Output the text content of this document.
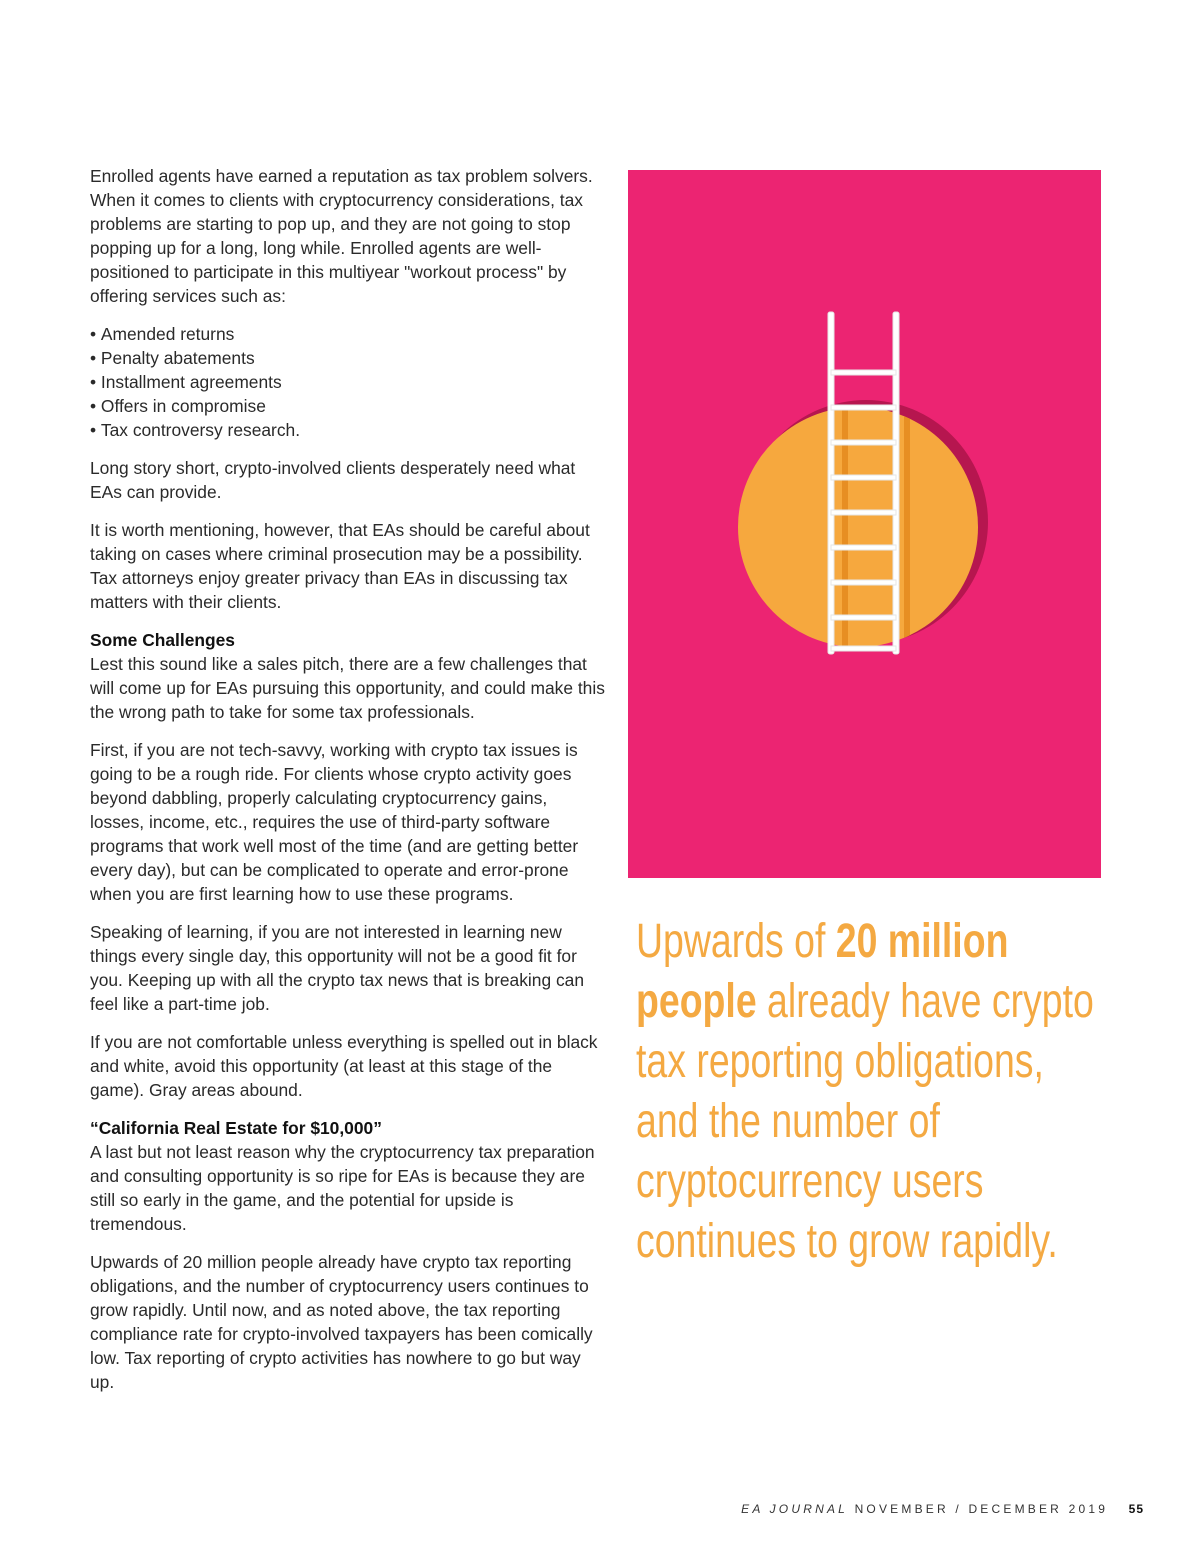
Enrolled agents have earned a reputation as tax problem solvers. When it comes to clients with cryptocurrency considerations, tax problems are starting to pop up, and they are not going to stop popping up for a long, long while. Enrolled agents are well-positioned to participate in this multiyear "workout process" by offering services such as:

• Amended returns
• Penalty abatements
• Installment agreements
• Offers in compromise
• Tax controversy research.

Long story short, crypto-involved clients desperately need what EAs can provide.

It is worth mentioning, however, that EAs should be careful about taking on cases where criminal prosecution may be a possibility. Tax attorneys enjoy greater privacy than EAs in discussing tax matters with their clients.

Some Challenges

Lest this sound like a sales pitch, there are a few challenges that will come up for EAs pursuing this opportunity, and could make this the wrong path to take for some tax professionals.

First, if you are not tech-savvy, working with crypto tax issues is going to be a rough ride. For clients whose crypto activity goes beyond dabbling, properly calculating cryptocurrency gains, losses, income, etc., requires the use of third-party software programs that work well most of the time (and are getting better every day), but can be complicated to operate and error-prone when you are first learning how to use these programs.

Speaking of learning, if you are not interested in learning new things every single day, this opportunity will not be a good fit for you. Keeping up with all the crypto tax news that is breaking can feel like a part-time job.

If you are not comfortable unless everything is spelled out in black and white, avoid this opportunity (at least at this stage of the game). Gray areas abound.

“California Real Estate for $10,000”

A last but not least reason why the cryptocurrency tax preparation and consulting opportunity is so ripe for EAs is because they are still so early in the game, and the potential for upside is tremendous.

Upwards of 20 million people already have crypto tax reporting obligations, and the number of cryptocurrency users continues to grow rapidly. Until now, and as noted above, the tax reporting compliance rate for crypto-involved taxpayers has been comically low. Tax reporting of crypto activities has nowhere to go but way up.

Upwards of 20 million people already have crypto tax reporting obligations, and the number of cryptocurrency users continues to grow rapidly.
EA JOURNAL NOVEMBER / DECEMBER 2019 55
